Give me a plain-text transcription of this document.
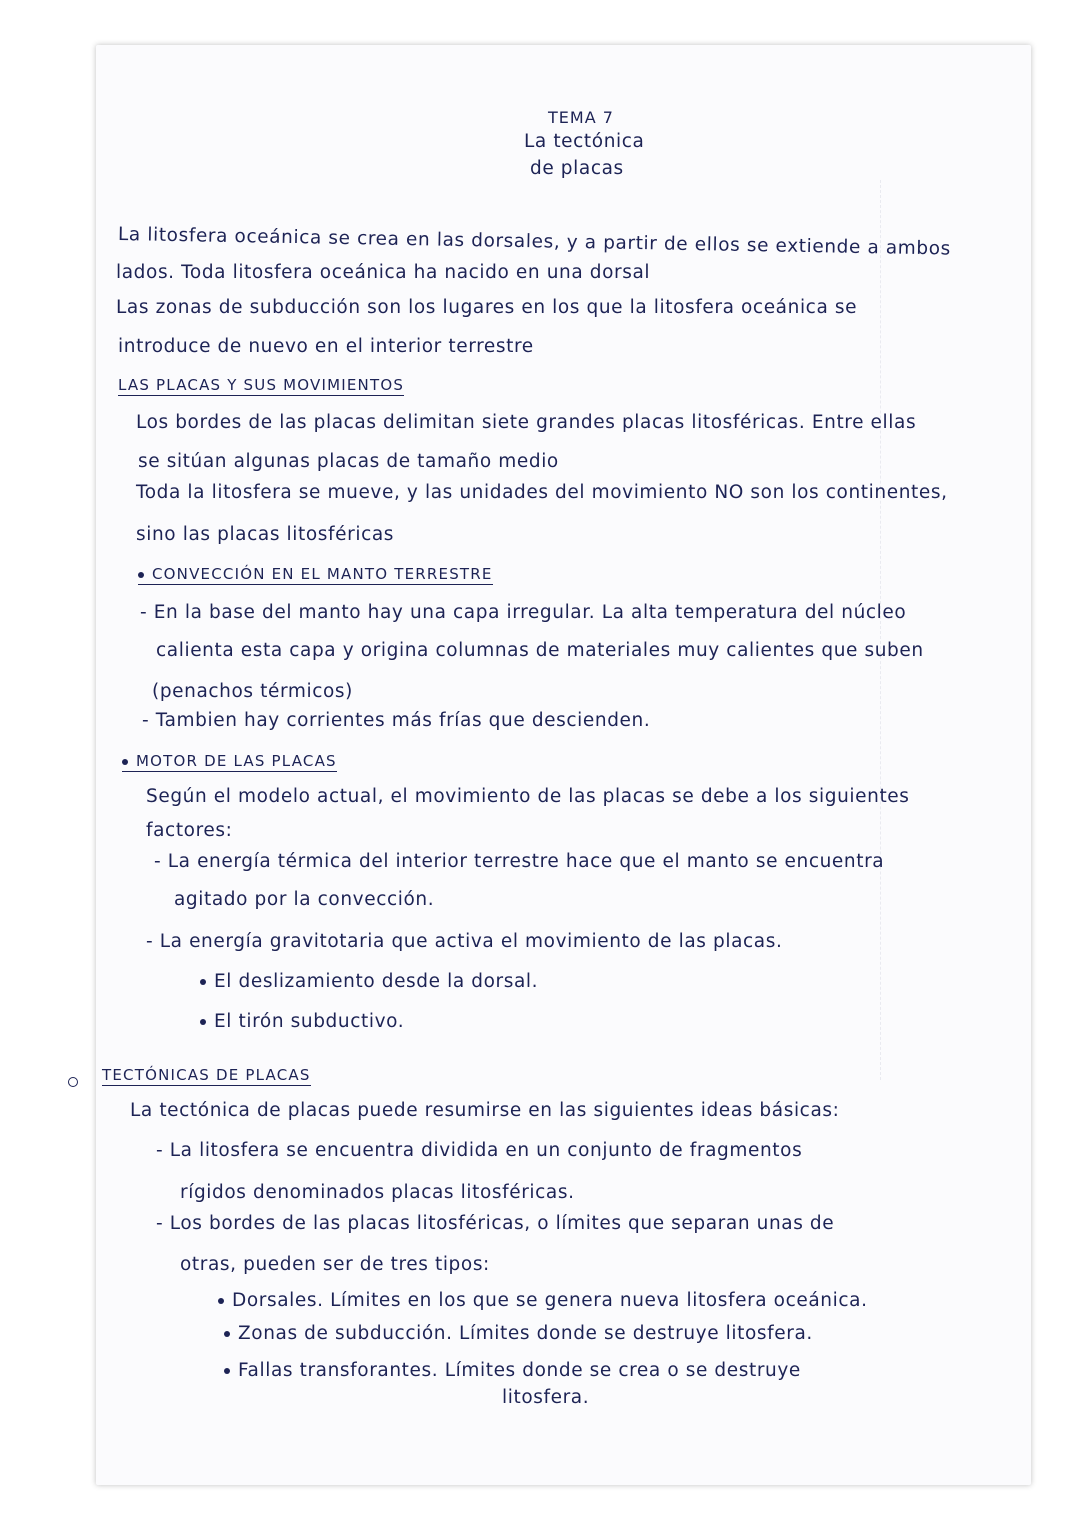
TEMA 7
La tectónica
de placas
La litosfera oceánica se crea en las dorsales, y a partir de ellos se extiende a ambos
lados. Toda litosfera oceánica ha nacido en una dorsal
Las zonas de subducción son los lugares en los que la litosfera oceánica se
introduce de nuevo en el interior terrestre
LAS PLACAS Y SUS MOVIMIENTOS
Los bordes de las placas delimitan siete grandes placas litosféricas. Entre ellas
se sitúan algunas placas de tamaño medio
Toda la litosfera se mueve, y las unidades del movimiento NO son los continentes,
sino las placas litosféricas
CONVECCIÓN EN EL MANTO TERRESTRE
- En la base del manto hay una capa irregular. La alta temperatura del núcleo
calienta esta capa y origina columnas de materiales muy calientes que suben
(penachos térmicos)
- Tambien hay corrientes más frías que descienden.
MOTOR DE LAS PLACAS
Según el modelo actual, el movimiento de las placas se debe a los siguientes
factores:
- La energía térmica del interior terrestre hace que el manto se encuentra
agitado por la convección.
- La energía gravitotaria que activa el movimiento de las placas.
El deslizamiento desde la dorsal.
El tirón subductivo.
TECTÓNICAS DE PLACAS
La tectónica de placas puede resumirse en las siguientes ideas básicas:
- La litosfera se encuentra dividida en un conjunto de fragmentos
rígidos denominados placas litosféricas.
- Los bordes de las placas litosféricas, o límites que separan unas de
otras, pueden ser de tres tipos:
Dorsales. Límites en los que se genera nueva litosfera oceánica.
Zonas de subducción. Límites donde se destruye litosfera.
Fallas transforantes. Límites donde se crea o se destruye
litosfera.
